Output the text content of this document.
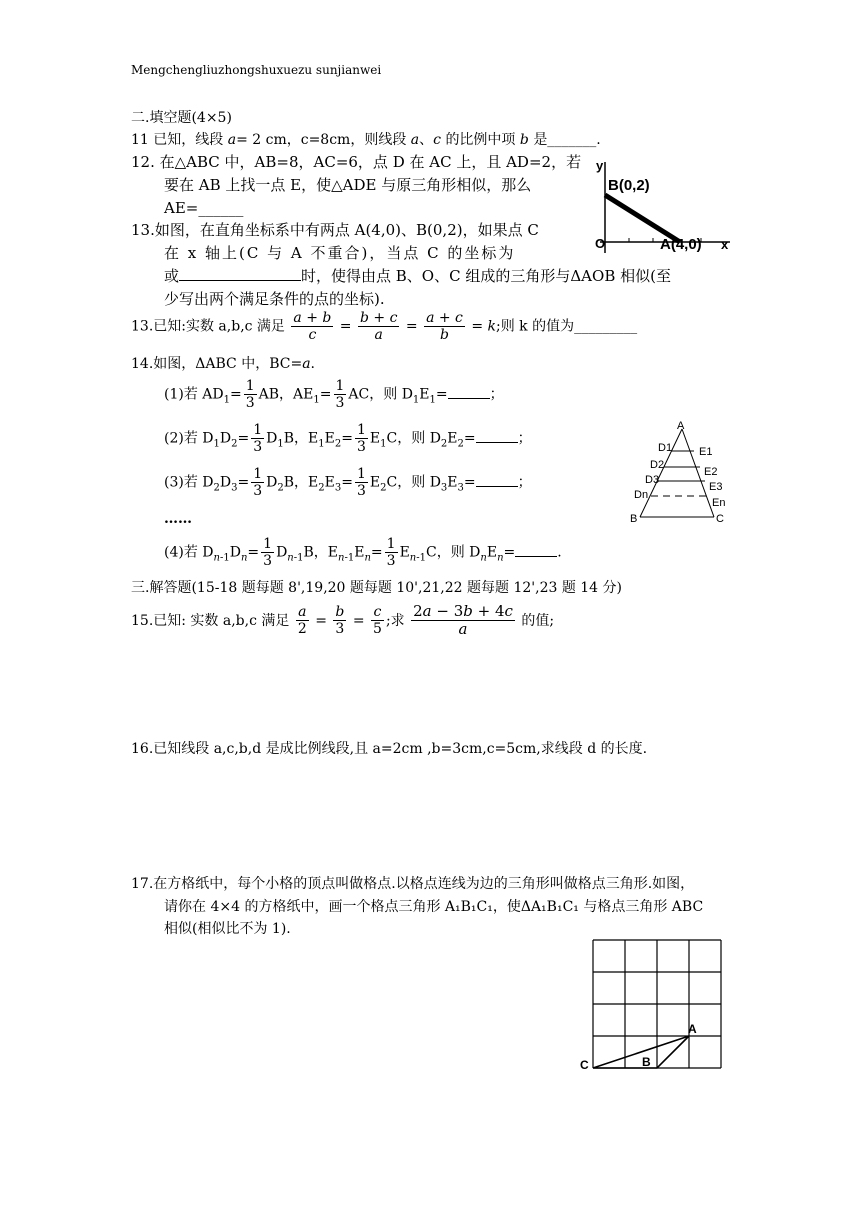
Mengchengliuzhongshuxuezu sunjianwei
二.填空题(4×5)
11 已知，线段 a= 2 cm，c=8cm，则线段 a、c 的比例中项 b 是_______.
12. 在△ABC 中，AB=8，AC=6，点 D 在 AC 上，且 AD=2，若
要在 AB 上找一点 E，使△ADE 与原三角形相似，那么
AE=______
13.如图，在直角坐标系中有两点 A(4,0)、B(0,2)，如果点 C
在 x 轴上(C 与 A 不重合)，当点 C 的坐标为
或	时，使得由点 B、O、C 组成的三角形与ΔAOB 相似(至
少写出两个满足条件的点的坐标).
y
x
O	A(4,0)
B(0,2)
13.已知:实数 a,b,c 满足 $\frac{a + b}{c} = \frac{b + c}{a} = \frac{a + c}{b} = k$;则 k 的值为_________
14.如图，ΔABC 中，BC=a.
(1)若 $AD_1= \frac{1}{3}$ AB，$AE_1= \frac{1}{3}$ AC，则 $D_1E_1=$	；
(2)若 $D_1D_2= \frac{1}{3} D_1B$，$E_1E_2= \frac{1}{3} E_1C$，则 $D_2E_2=$	；
(3)若 $D_2D_3= \frac{1}{3} D_2B$，$E_2E_3= \frac{1}{3} E_2C$，则 $D_3E_3=$	；
……
(4)若 $D_{n-1}D_n= \frac{1}{3} D_{n-1}B$，$E_{n-1}E_n= \frac{1}{3} E_{n-1}C$，则 $D_nE_n=$	.
A
B	C
D1
D2
D3
Dn
E1
E2
E3
En
三.解答题(15-18 题每题 8',19,20 题每题 10',21,22 题每题 12',23 题 14 分)
15.已知: 实数 a,b,c 满足 $\frac{a}{2} = \frac{b}{3} = \frac{c}{5}$ ;求 $\frac{2a - 3b + 4c}{a}$ 的值;
16.已知线段 a,c,b,d 是成比例线段,且 a=2cm ,b=3cm,c=5cm,求线段 d 的长度.
17.在方格纸中，每个小格的顶点叫做格点.以格点连线为边的三角形叫做格点三角形.如图，
请你在 4×4 的方格纸中，画一个格点三角形 A₁B₁C₁，使ΔA₁B₁C₁ 与格点三角形 ABC
相似(相似比不为 1).
C	B
A
